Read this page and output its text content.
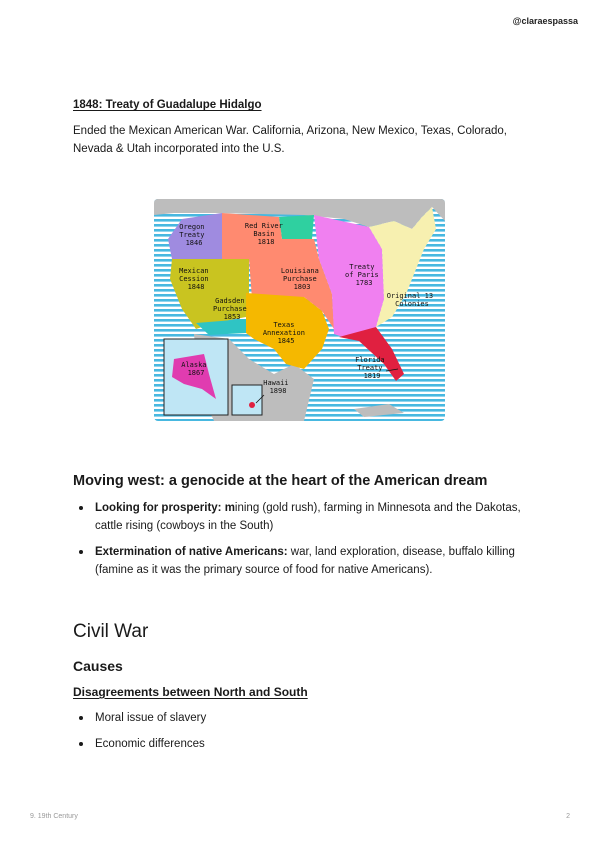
@claraespassa
1848: Treaty of Guadalupe Hidalgo

Ended the Mexican American War. California, Arizona, New Mexico, Texas, Colorado, Nevada & Utah incorporated into the U.S.

Oregon Treaty 1846
Red River Basin 1818
Mexican Cession 1848
Louisiana Purchase 1803
Treaty of Paris 1783
Original 13 Colonies
Gadsden Purchase 1853
Texas Annexation 1845
Florida Treaty 1819
Alaska 1867
Hawaii 1898
Moving west: a genocide at the heart of the American dream
Looking for prosperity: mining (gold rush), farming in Minnesota and the Dakotas, cattle rising (cowboys in the South)
Extermination of native Americans: war, land exploration, disease, buffalo killing (famine as it was the primary source of food for native Americans).
Civil War
Causes
Disagreements between North and South
Moral issue of slavery
Economic differences
9. 19th Century	2
